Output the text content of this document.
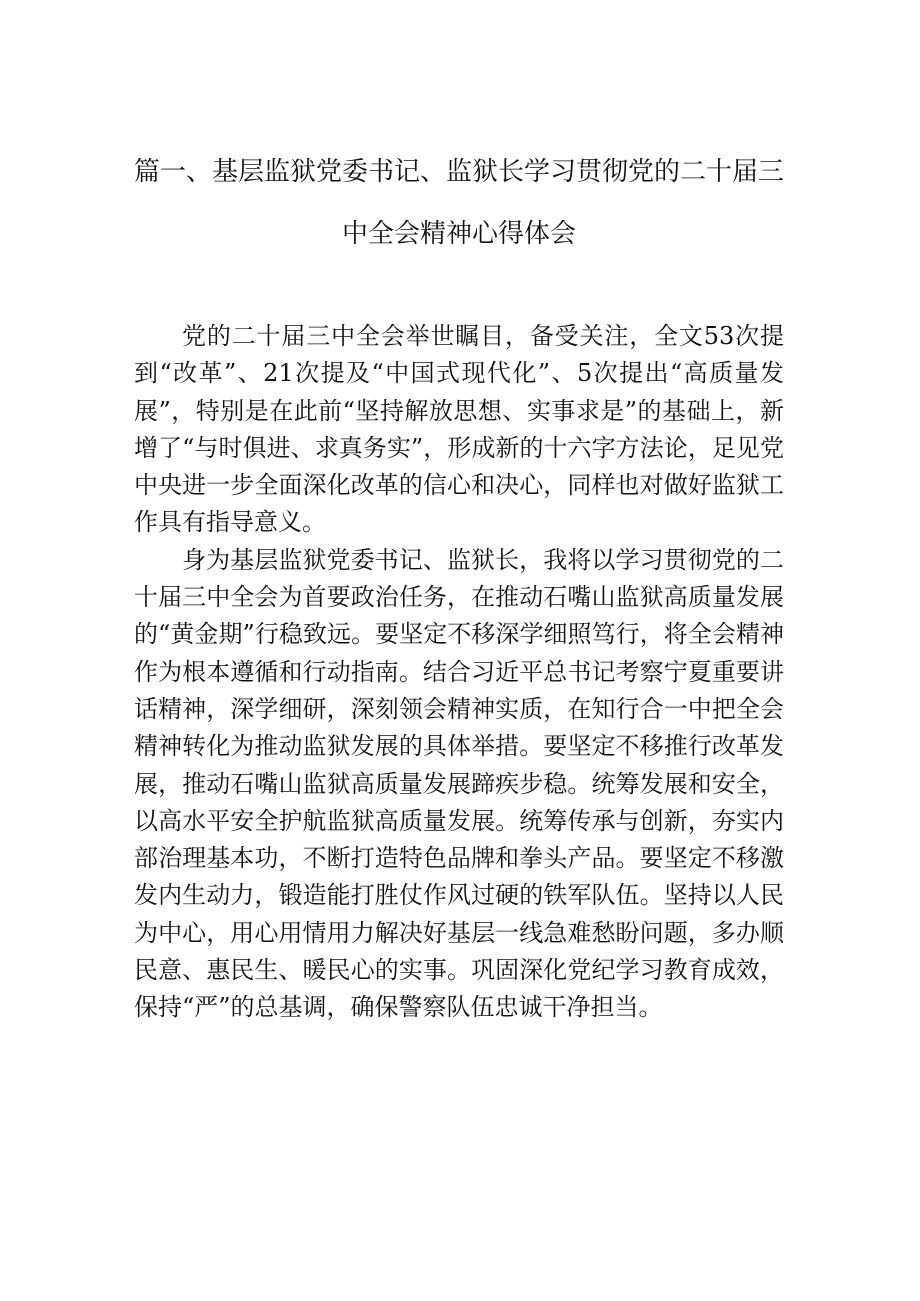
篇一、基层监狱党委书记、监狱长学习贯彻党的二十届三
中全会精神心得体会

党的二十届三中全会举世瞩目，备受关注，全文53次提到“改革”、21次提及“中国式现代化”、5次提出“高质量发展”，特别是在此前“坚持解放思想、实事求是”的基础上，新增了“与时俱进、求真务实”，形成新的十六字方法论，足见党中央进一步全面深化改革的信心和决心，同样也对做好监狱工作具有指导意义。

身为基层监狱党委书记、监狱长，我将以学习贯彻党的二十届三中全会为首要政治任务，在推动石嘴山监狱高质量发展的“黄金期”行稳致远。要坚定不移深学细照笃行，将全会精神作为根本遵循和行动指南。结合习近平总书记考察宁夏重要讲话精神，深学细研，深刻领会精神实质，在知行合一中把全会精神转化为推动监狱发展的具体举措。要坚定不移推行改革发展，推动石嘴山监狱高质量发展蹄疾步稳。统筹发展和安全，以高水平安全护航监狱高质量发展。统筹传承与创新，夯实内部治理基本功，不断打造特色品牌和拳头产品。要坚定不移激发内生动力，锻造能打胜仗作风过硬的铁军队伍。坚持以人民为中心，用心用情用力解决好基层一线急难愁盼问题，多办顺民意、惠民生、暖民心的实事。巩固深化党纪学习教育成效，保持“严”的总基调，确保警察队伍忠诚干净担当。
